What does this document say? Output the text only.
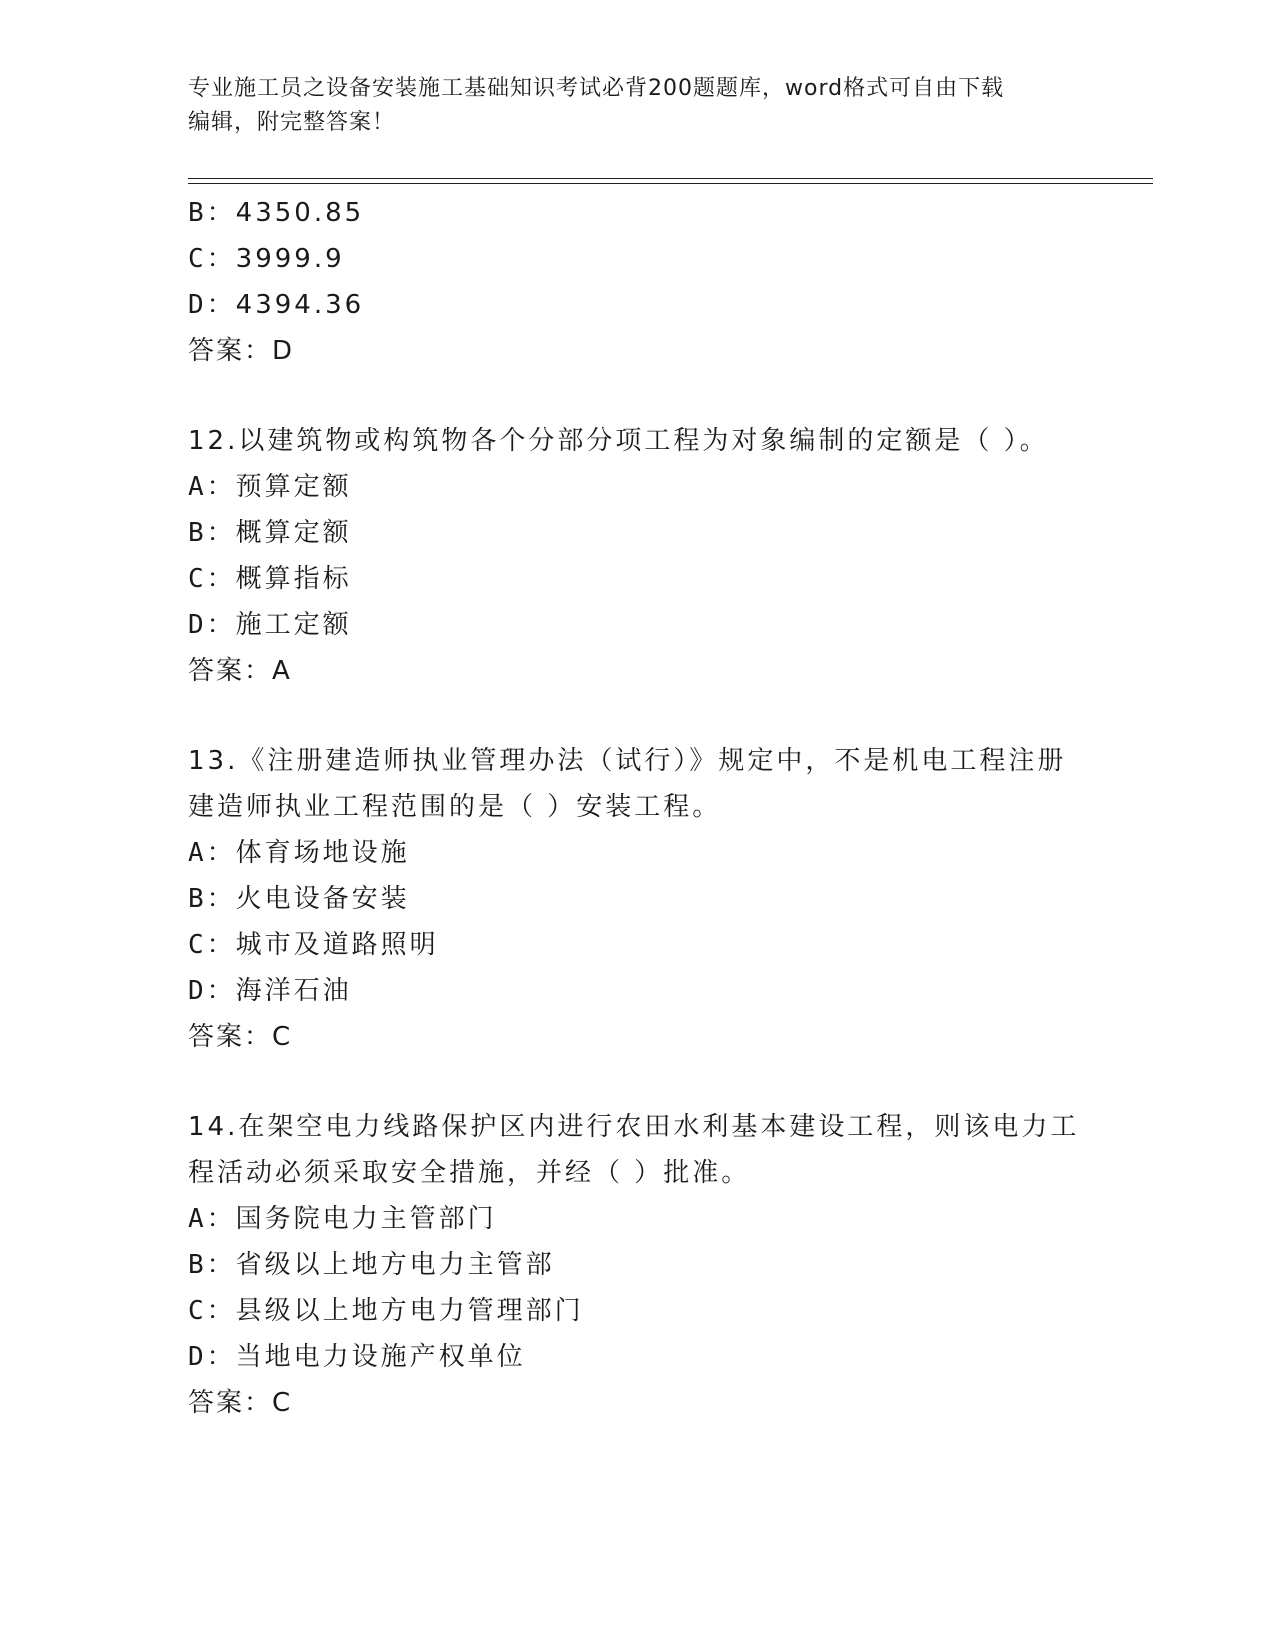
专业施工员之设备安装施工基础知识考试必背200题题库，word格式可自由下载
编辑，附完整答案！
B：4350.85
C：3999.9
D：4394.36
答案：D
12.以建筑物或构筑物各个分部分项工程为对象编制的定额是（ ）。
A：预算定额
B：概算定额
C：概算指标
D：施工定额
答案：A
13.《注册建造师执业管理办法（试行）》规定中，不是机电工程注册
建造师执业工程范围的是（ ）安装工程。
A：体育场地设施
B：火电设备安装
C：城市及道路照明
D：海洋石油
答案：C
14.在架空电力线路保护区内进行农田水利基本建设工程，则该电力工
程活动必须采取安全措施，并经（ ）批准。
A：国务院电力主管部门
B：省级以上地方电力主管部
C：县级以上地方电力管理部门
D：当地电力设施产权单位
答案：C
